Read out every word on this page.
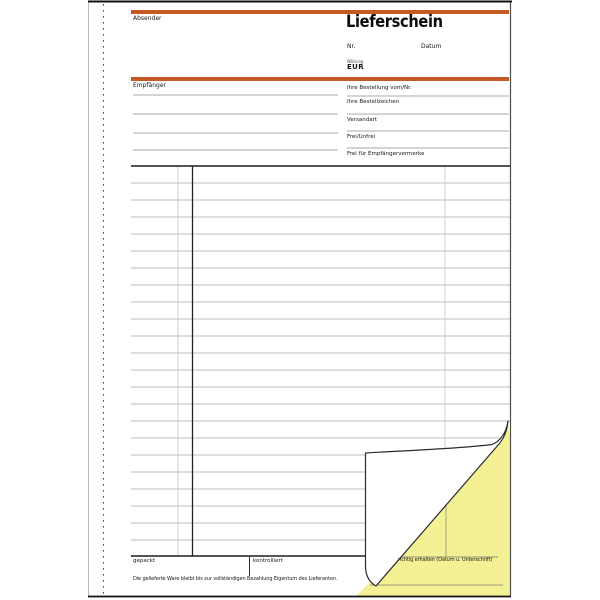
Absender	Lieferschein
Nr.	Datum
Währung
EUR
Empfänger	Ihre Bestellung vom/Nr.
Ihre Bestellzeichen
Versandart
Frei/Unfrei
Frei für Empfängervermerke
gepackt	kontrolliert	richtig erhalten (Datum u. Unterschrift)
Die gelieferte Ware bleibt bis zur vollständigen Bezahlung Eigentum des Lieferanten.
